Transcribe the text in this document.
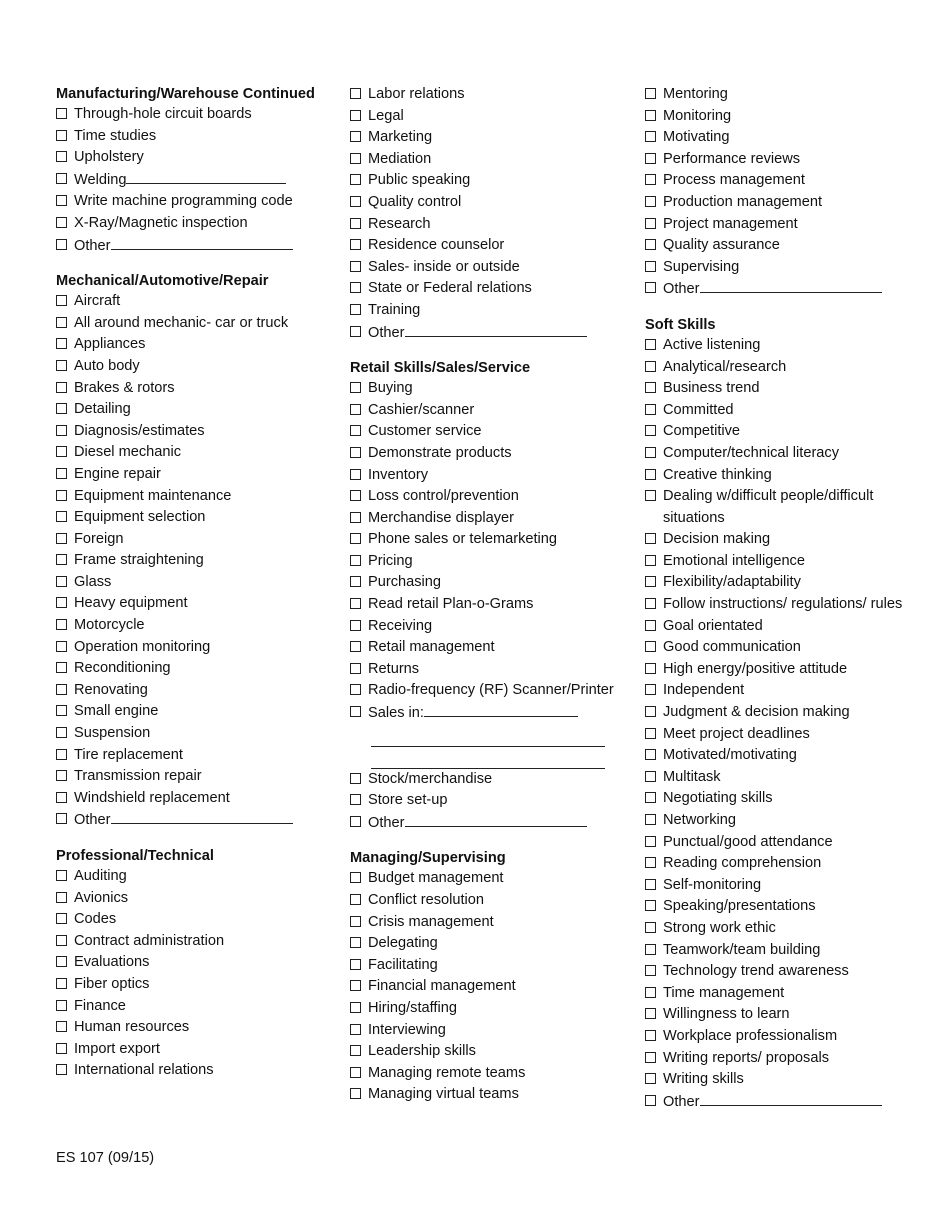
Manufacturing/Warehouse Continued
Through-hole circuit boards
Time studies
Upholstery
Welding
Write machine programming code
X-Ray/Magnetic inspection
Other
Mechanical/Automotive/Repair
Aircraft
All around mechanic- car or truck
Appliances
Auto body
Brakes & rotors
Detailing
Diagnosis/estimates
Diesel mechanic
Engine repair
Equipment maintenance
Equipment selection
Foreign
Frame straightening
Glass
Heavy equipment
Motorcycle
Operation monitoring
Reconditioning
Renovating
Small engine
Suspension
Tire replacement
Transmission repair
Windshield replacement
Other
Professional/Technical
Auditing
Avionics
Codes
Contract administration
Evaluations
Fiber optics
Finance
Human resources
Import export
International relations
Labor relations
Legal
Marketing
Mediation
Public speaking
Quality control
Research
Residence counselor
Sales- inside or outside
State or Federal relations
Training
Other
Retail Skills/Sales/Service
Buying
Cashier/scanner
Customer service
Demonstrate products
Inventory
Loss control/prevention
Merchandise displayer
Phone sales or telemarketing
Pricing
Purchasing
Read retail Plan-o-Grams
Receiving
Retail management
Returns
Radio-frequency (RF) Scanner/Printer
Sales in:
Stock/merchandise
Store set-up
Other
Managing/Supervising
Budget management
Conflict resolution
Crisis management
Delegating
Facilitating
Financial management
Hiring/staffing
Interviewing
Leadership skills
Managing remote teams
Managing virtual teams
Mentoring
Monitoring
Motivating
Performance reviews
Process management
Production management
Project management
Quality assurance
Supervising
Other
Soft Skills
Active listening
Analytical/research
Business trend
Committed
Competitive
Computer/technical literacy
Creative thinking
Dealing w/difficult people/difficult situations
Decision making
Emotional intelligence
Flexibility/adaptability
Follow instructions/ regulations/ rules
Goal orientated
Good communication
High energy/positive attitude
Independent
Judgment & decision making
Meet project deadlines
Motivated/motivating
Multitask
Negotiating skills
Networking
Punctual/good attendance
Reading comprehension
Self-monitoring
Speaking/presentations
Strong work ethic
Teamwork/team building
Technology trend awareness
Time management
Willingness to learn
Workplace professionalism
Writing reports/ proposals
Writing skills
Other
ES 107 (09/15)
